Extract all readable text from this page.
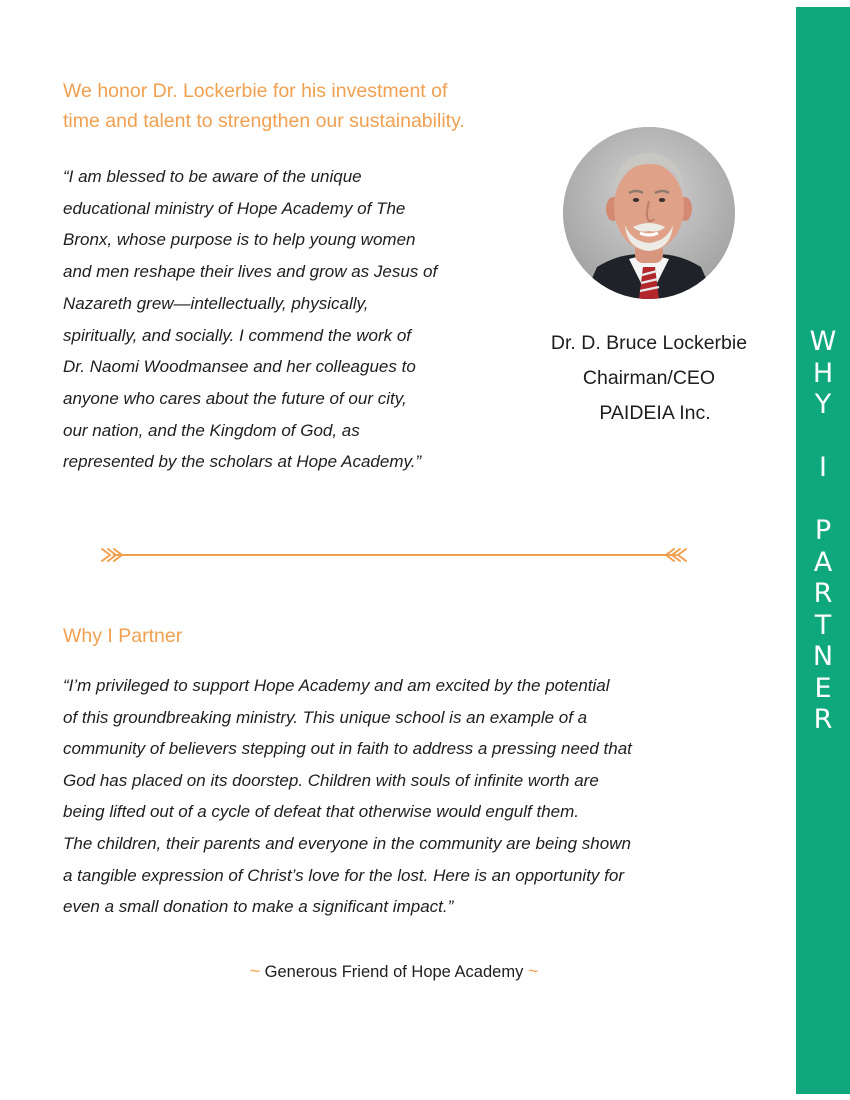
W
H
Y
I
P
A
R
T
N
E
R
We honor Dr. Lockerbie for his investment of
time and talent to strengthen our sustainability.

“I am blessed to be aware of the unique
educational ministry of Hope Academy of The
Bronx, whose purpose is to help young women
and men reshape their lives and grow as Jesus of
Nazareth grew—intellectually, physically,
spiritually, and socially. I commend the work of
Dr. Naomi Woodmansee and her colleagues to
anyone who cares about the future of our city,
our nation, and the Kingdom of God, as
represented by the scholars at Hope Academy.”

Dr. D. Bruce Lockerbie
Chairman/CEO
PAIDEIA Inc.
Why I Partner

“I’m privileged to support Hope Academy and am excited by the potential
of this groundbreaking ministry. This unique school is an example of a
community of believers stepping out in faith to address a pressing need that
God has placed on its doorstep. Children with souls of infinite worth are
being lifted out of a cycle of defeat that otherwise would engulf them.
The children, their parents and everyone in the community are being shown
a tangible expression of Christ’s love for the lost. Here is an opportunity for
even a small donation to make a significant impact.”

~ Generous Friend of Hope Academy ~
